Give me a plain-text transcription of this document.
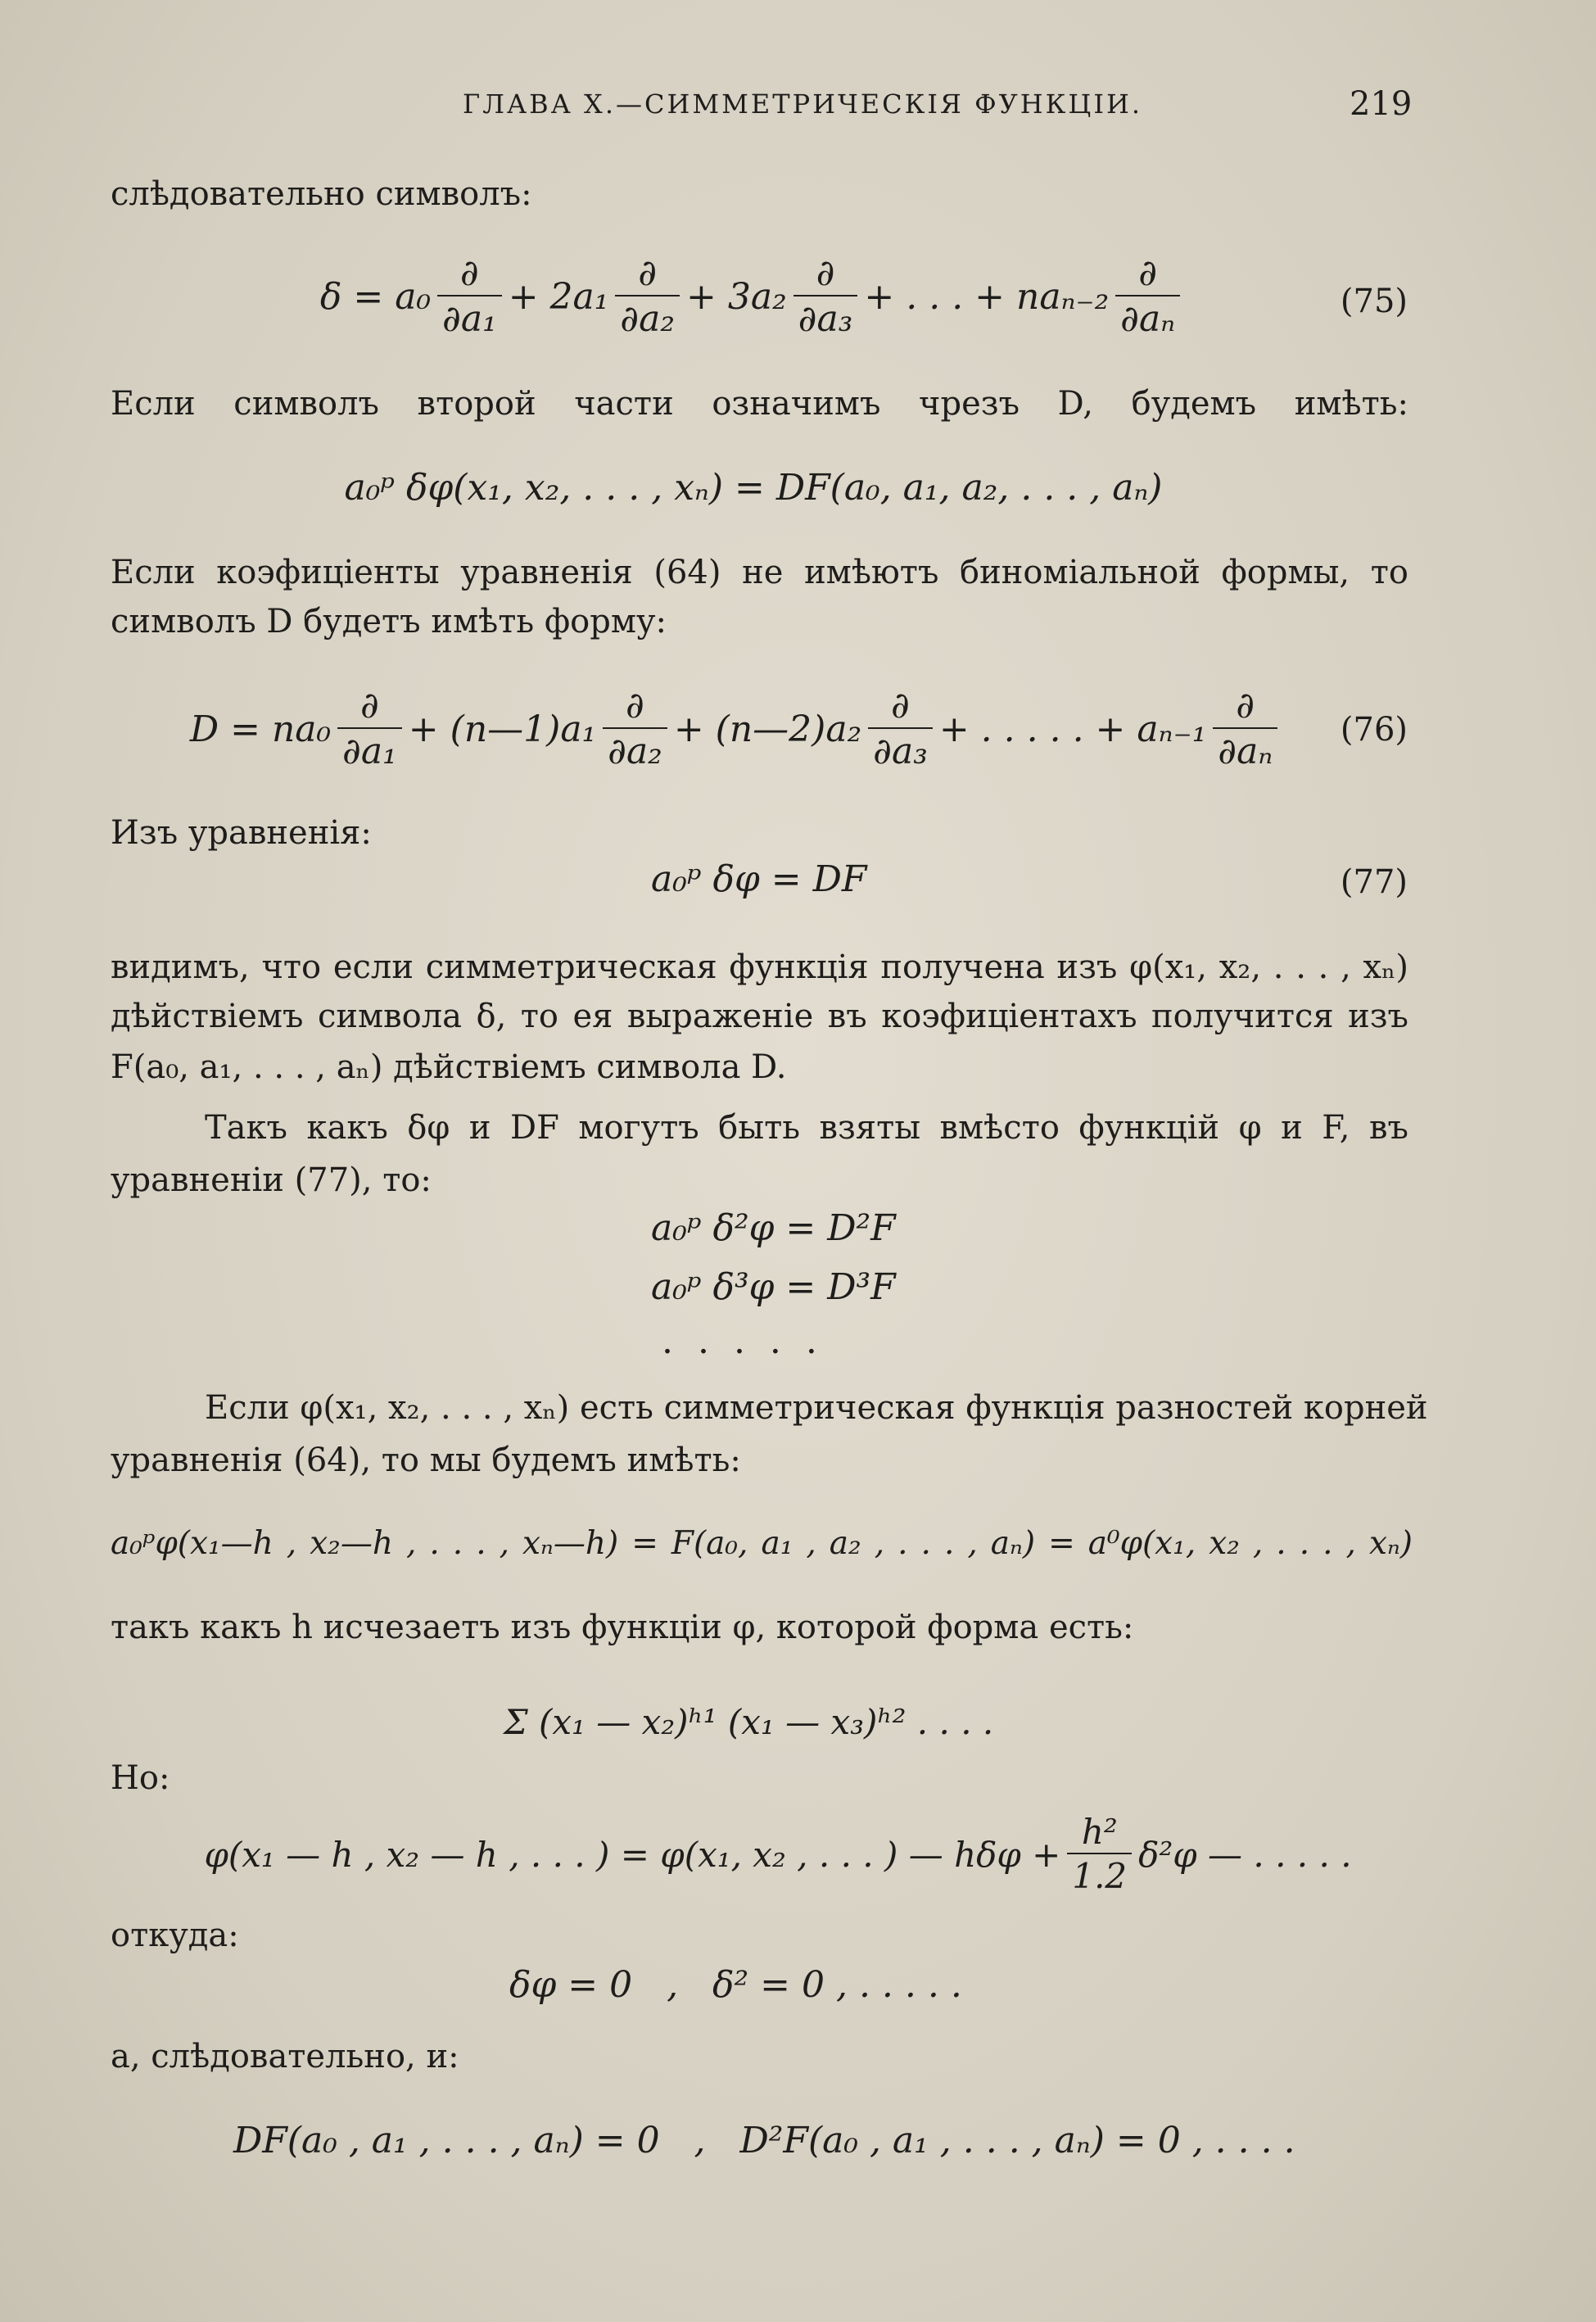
ГЛАВА X.—СИММЕТРИЧЕСКІЯ ФУНКЦІИ.	219
слѣдовательно символъ:
$\delta = a_0 \frac{\partial}{\text{∂a₁}} + 2a_1 \frac{\partial}{\text{∂a₂}} + 3a_2 \frac{\partial}{\text{∂a₃}}$ + . . . + $na_{n-2} \frac{\partial}{\text{∂aₙ}}$	(75)
Если символъ второй части означимъ чрезъ D, будемъ имѣть:
a₀ᵖ δφ(x₁, x₂, . . . , xₙ) = DF(a₀, a₁, a₂, . . . , aₙ)
Если коэфиціенты уравненія (64) не имѣютъ биноміальной формы, то
символъ D будетъ имѣть форму:
$D = na_0 \frac{\partial}{\text{∂a₁}}$ + (n—1)a₁ $\frac{\partial}{\text{∂a₂}}$ + (n—2)a₂ $\frac{\partial}{\text{∂a₃}}$ + . . . . . + $a_{n-1} \frac{\partial}{\text{∂aₙ}} (76)$
Изъ уравненія:
a₀ᵖ δφ = DF	(77)
видимъ, что если симметрическая функція получена изъ φ(x₁, x₂, . . . , xₙ)
дѣйствіемъ символа δ, то ея выраженіе въ коэфиціентахъ получится изъ
F(a₀, a₁, . . . , aₙ) дѣйствіемъ символа D.
Такъ какъ δφ и DF могутъ быть взяты вмѣсто функцій φ и F, въ
уравненіи (77), то:
a₀ᵖ δ²φ = D²F
a₀ᵖ δ³φ = D³F
. . . . .
Если φ(x₁, x₂, . . . , xₙ) есть симметрическая функція разностей корней
уравненія (64), то мы будемъ имѣть:
a₀ᵖφ(x₁—h , x₂—h , . . . , xₙ—h) = F(a₀, a₁ , a₂ , . . . , aₙ) = a⁰φ(x₁, x₂ , . . . , xₙ)
такъ какъ h исчезаетъ изъ функціи φ, которой форма есть:
Σ (x₁ — x₂)ʰ¹ (x₁ — x₃)ʰ² . . . .
Но:
φ(x₁ — h , x₂ — h , . . . ) = φ(x₁, x₂ , . . . ) — $h\delta\varphi + \frac{\text{h²}}{1.2} \delta^2\varphi$ — . . . . .
откуда:
δφ = 0   ,   δ² = 0 , . . . . .
а, слѣдовательно, и:
DF(a₀ , a₁ , . . . , aₙ) = 0   ,   D²F(a₀ , a₁ , . . . , aₙ) = 0 , . . . .
